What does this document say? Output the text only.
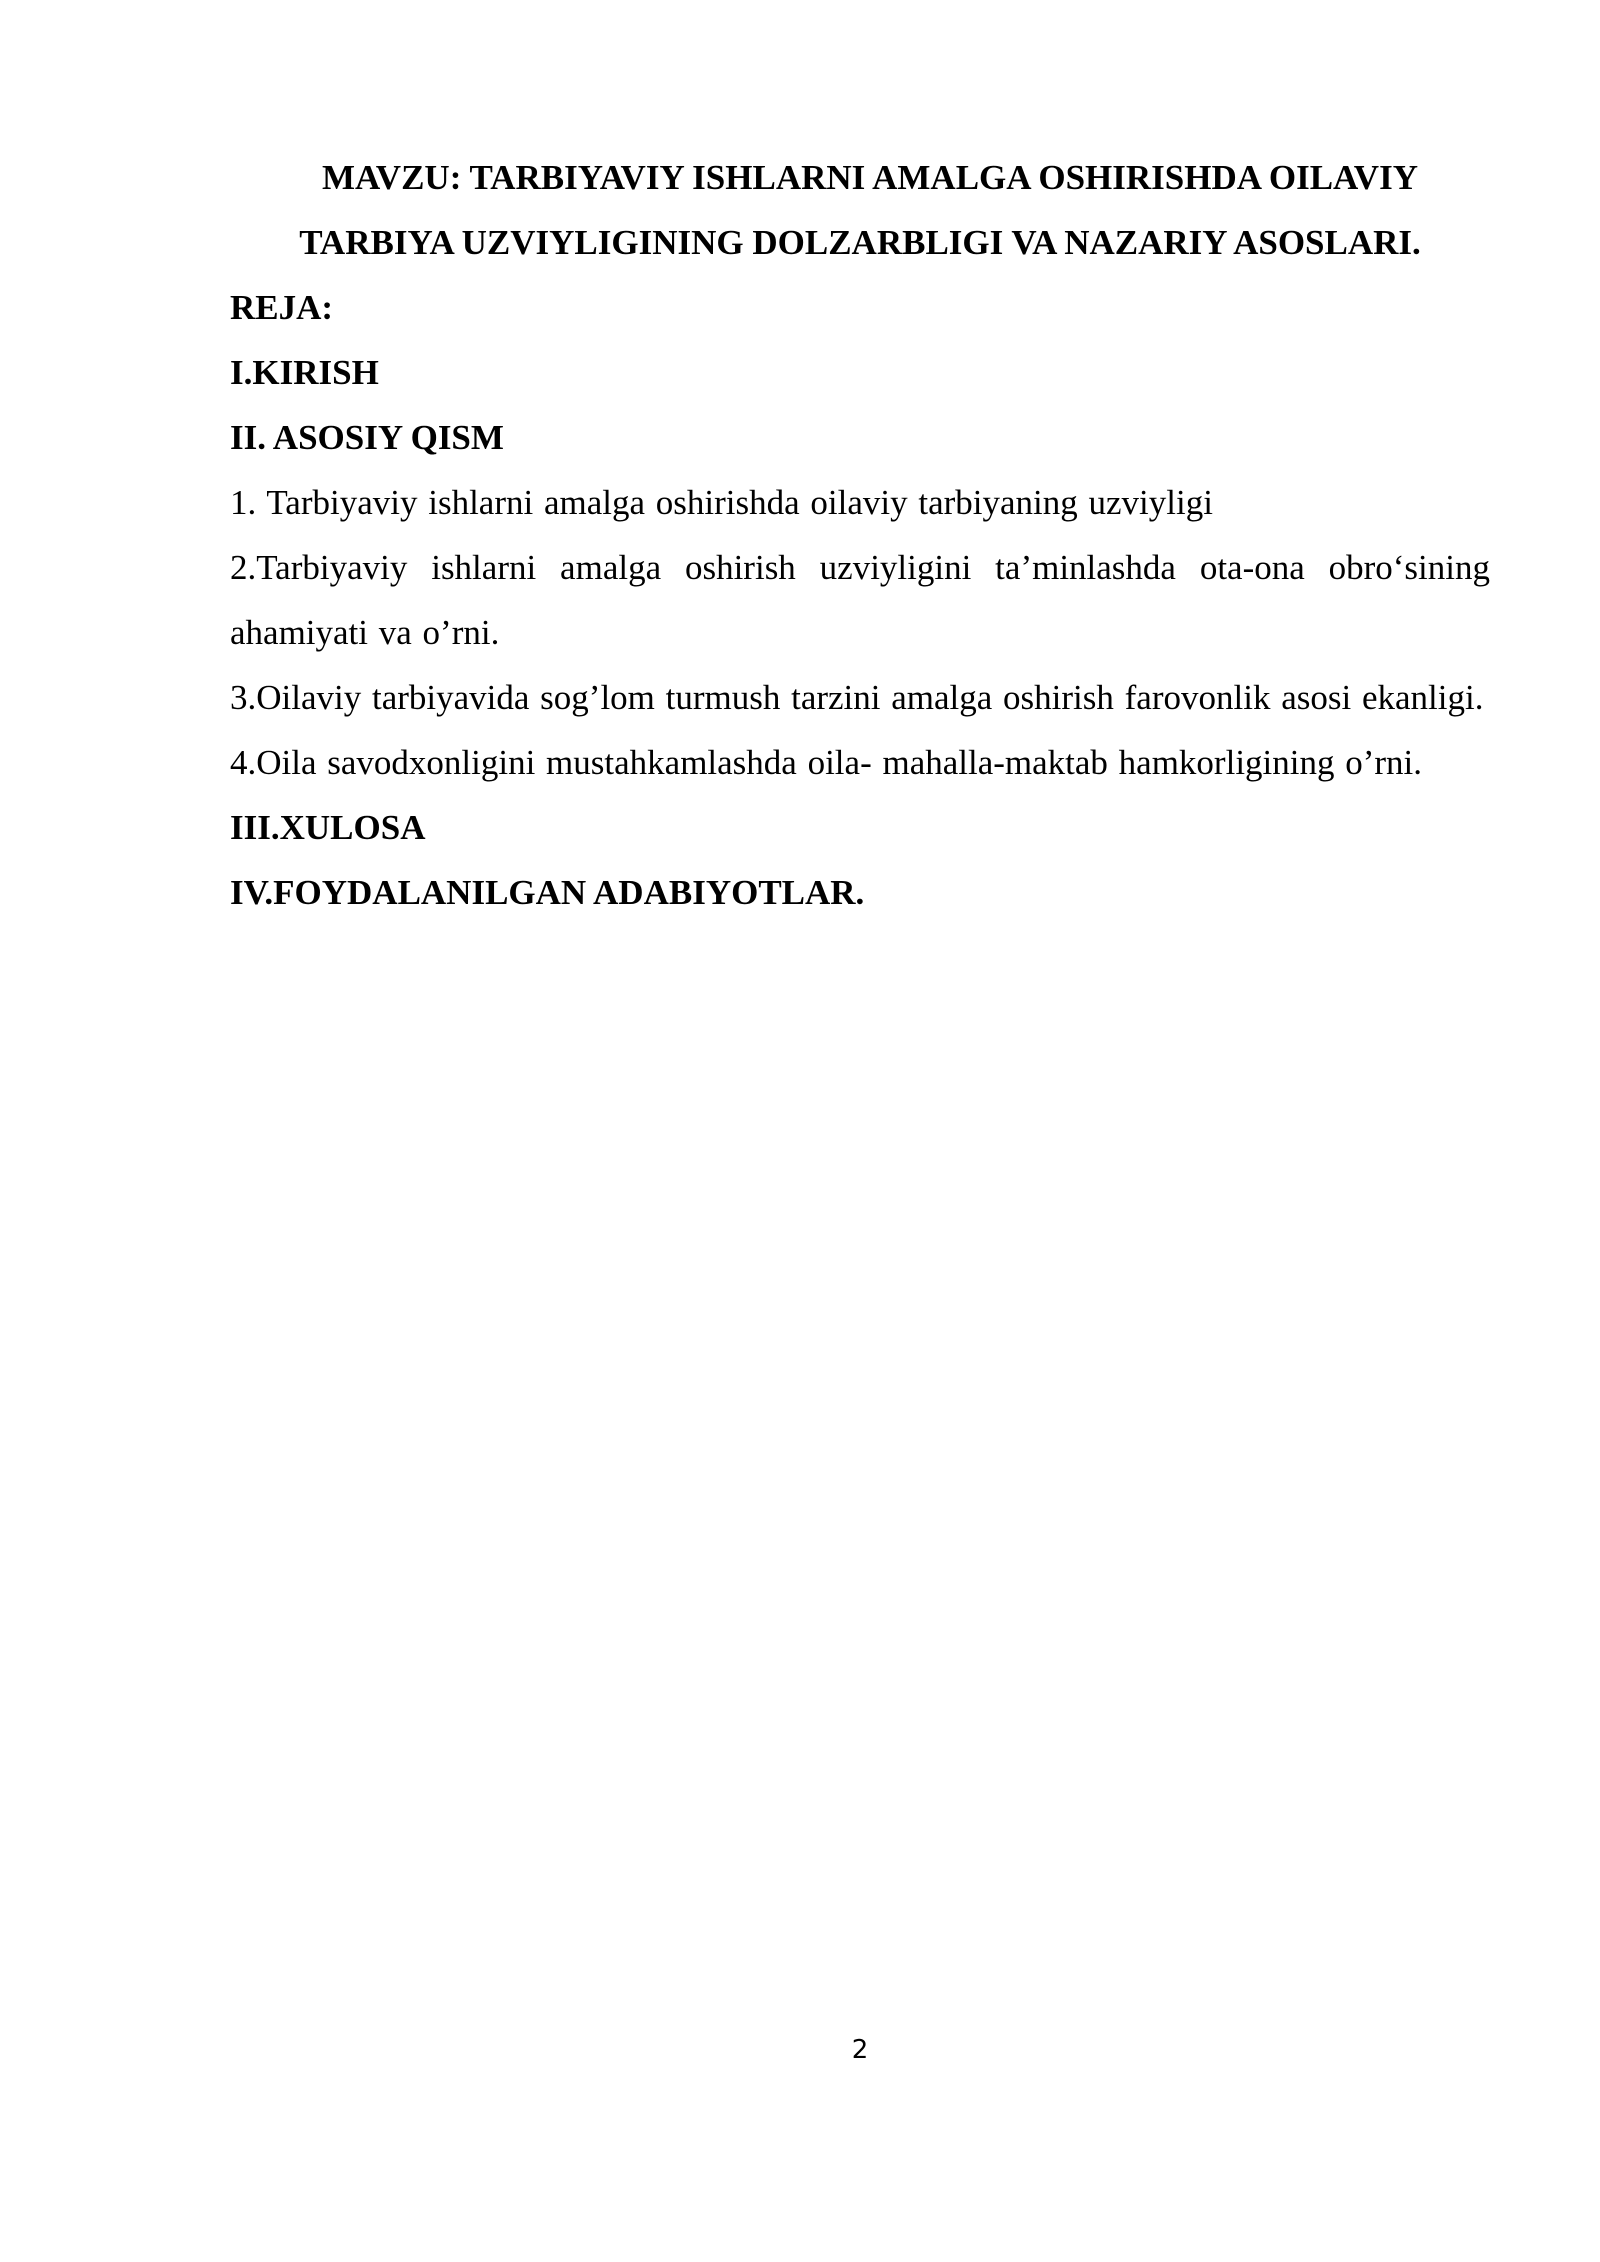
MAVZU: TARBIYAVIY ISHLARNI AMALGA OSHIRISHDA OILAVIY
TARBIYA UZVIYLIGINING DOLZARBLIGI VA NAZARIY ASOSLARI.
REJA:
I.KIRISH
II. ASOSIY QISM
1. Tarbiyaviy ishlarni amalga oshirishda oilaviy tarbiyaning uzviyligi
2.Tarbiyaviy ishlarni amalga oshirish uzviyligini ta’minlashda ota-ona obro‘sining ahamiyati va o’rni.
3.Oilaviy tarbiyavida sog’lom turmush tarzini amalga oshirish farovonlik asosi ekanligi.
4.Oila savodxonligini mustahkamlashda oila- mahalla-maktab hamkorligining o’rni.
III.XULOSA
IV.FOYDALANILGAN ADABIYOTLAR.
2
